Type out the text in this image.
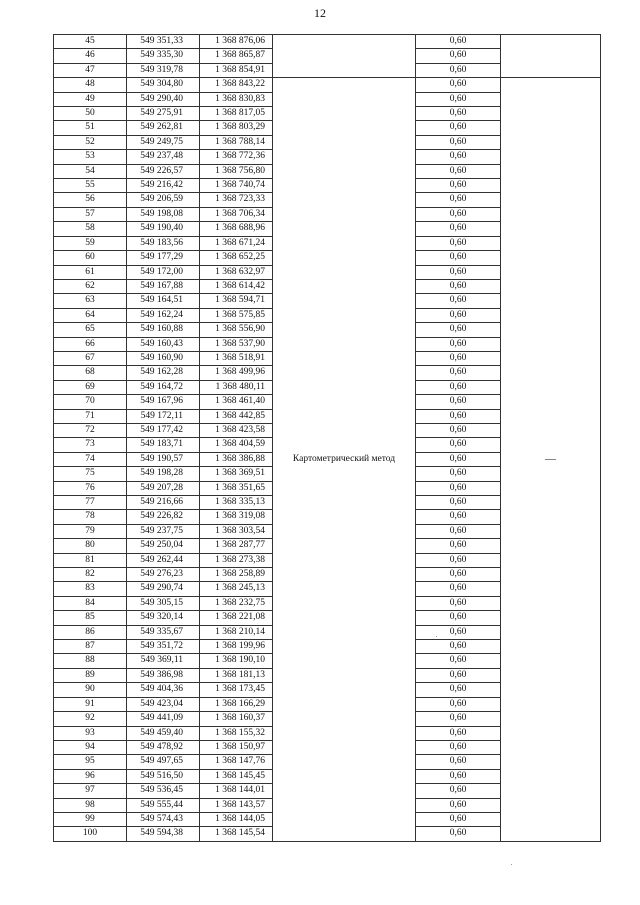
12
45	549 351,33	1 368 876,06		0,60	
46	549 335,30	1 368 865,87		0,60	
47	549 319,78	1 368 854,91		0,60	
48	549 304,80	1 368 843,22	Картометрический метод	0,60	—
49	549 290,40	1 368 830,83		0,60	
50	549 275,91	1 368 817,05		0,60	
51	549 262,81	1 368 803,29		0,60	
52	549 249,75	1 368 788,14		0,60	
53	549 237,48	1 368 772,36		0,60	
54	549 226,57	1 368 756,80		0,60	
55	549 216,42	1 368 740,74		0,60	
56	549 206,59	1 368 723,33		0,60	
57	549 198,08	1 368 706,34		0,60	
58	549 190,40	1 368 688,96		0,60	
59	549 183,56	1 368 671,24		0,60	
60	549 177,29	1 368 652,25		0,60	
61	549 172,00	1 368 632,97		0,60	
62	549 167,88	1 368 614,42		0,60	
63	549 164,51	1 368 594,71		0,60	
64	549 162,24	1 368 575,85		0,60	
65	549 160,88	1 368 556,90		0,60	
66	549 160,43	1 368 537,90		0,60	
67	549 160,90	1 368 518,91		0,60	
68	549 162,28	1 368 499,96		0,60	
69	549 164,72	1 368 480,11		0,60	
70	549 167,96	1 368 461,40		0,60	
71	549 172,11	1 368 442,85		0,60	
72	549 177,42	1 368 423,58		0,60	
73	549 183,71	1 368 404,59		0,60	
74	549 190,57	1 368 386,88		0,60	
75	549 198,28	1 368 369,51		0,60	
76	549 207,28	1 368 351,65		0,60	
77	549 216,66	1 368 335,13		0,60	
78	549 226,82	1 368 319,08		0,60	
79	549 237,75	1 368 303,54		0,60	
80	549 250,04	1 368 287,77		0,60	
81	549 262,44	1 368 273,38		0,60	
82	549 276,23	1 368 258,89		0,60	
83	549 290,74	1 368 245,13		0,60	
84	549 305,15	1 368 232,75		0,60	
85	549 320,14	1 368 221,08		0,60	
86	549 335,67	1 368 210,14		0,60	
87	549 351,72	1 368 199,96		0,60	
88	549 369,11	1 368 190,10		0,60	
89	549 386,98	1 368 181,13		0,60	
90	549 404,36	1 368 173,45		0,60	
91	549 423,04	1 368 166,29		0,60	
92	549 441,09	1 368 160,37		0,60	
93	549 459,40	1 368 155,32		0,60	
94	549 478,92	1 368 150,97		0,60	
95	549 497,65	1 368 147,76		0,60	
96	549 516,50	1 368 145,45		0,60	
97	549 536,45	1 368 144,01		0,60	
98	549 555,44	1 368 143,57		0,60	
99	549 574,43	1 368 144,05		0,60	
100	549 594,38	1 368 145,54		0,60	
